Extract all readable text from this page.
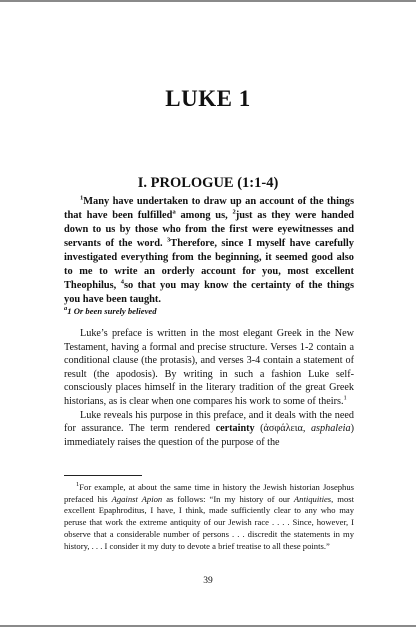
LUKE 1
I. PROLOGUE (1:1-4)
$^1$Many have undertaken to draw up an account of the things that have been fulfilled$^a$ among us, $^2$just as they were handed down to us by those who from the first were eyewitnesses and servants of the word. $^3$Therefore, since I myself have carefully investigated everything from the beginning, it seemed good also to me to write an orderly account for you, most excellent Theophilus, $^4$so that you may know the certainty of the things you have been taught.
$^a$1 Or been surely believed

Luke’s preface is written in the most elegant Greek in the New Testament, having a formal and precise structure. Verses 1-2 contain a conditional clause (the protasis), and verses 3-4 contain a statement of result (the apodosis). By writing in such a fashion Luke self-consciously places himself in the literary tradition of the great Greek historians, as is clear when one compares his work to some of theirs.$^1$

Luke reveals his purpose in this preface, and it deals with the need for assurance. The term rendered certainty (ἀσφάλεια, asphaleia) immediately raises the question of the purpose of the

$^1$For example, at about the same time in history the Jewish historian Josephus prefaced his Against Apion as follows: “In my history of our Antiquities, most excellent Epaphroditus, I have, I think, made sufficiently clear to any who may peruse that work the extreme antiquity of our Jewish race . . . . Since, however, I observe that a considerable number of persons . . . discredit the statements in my history, . . . I consider it my duty to devote a brief treatise to all these points.”
39
